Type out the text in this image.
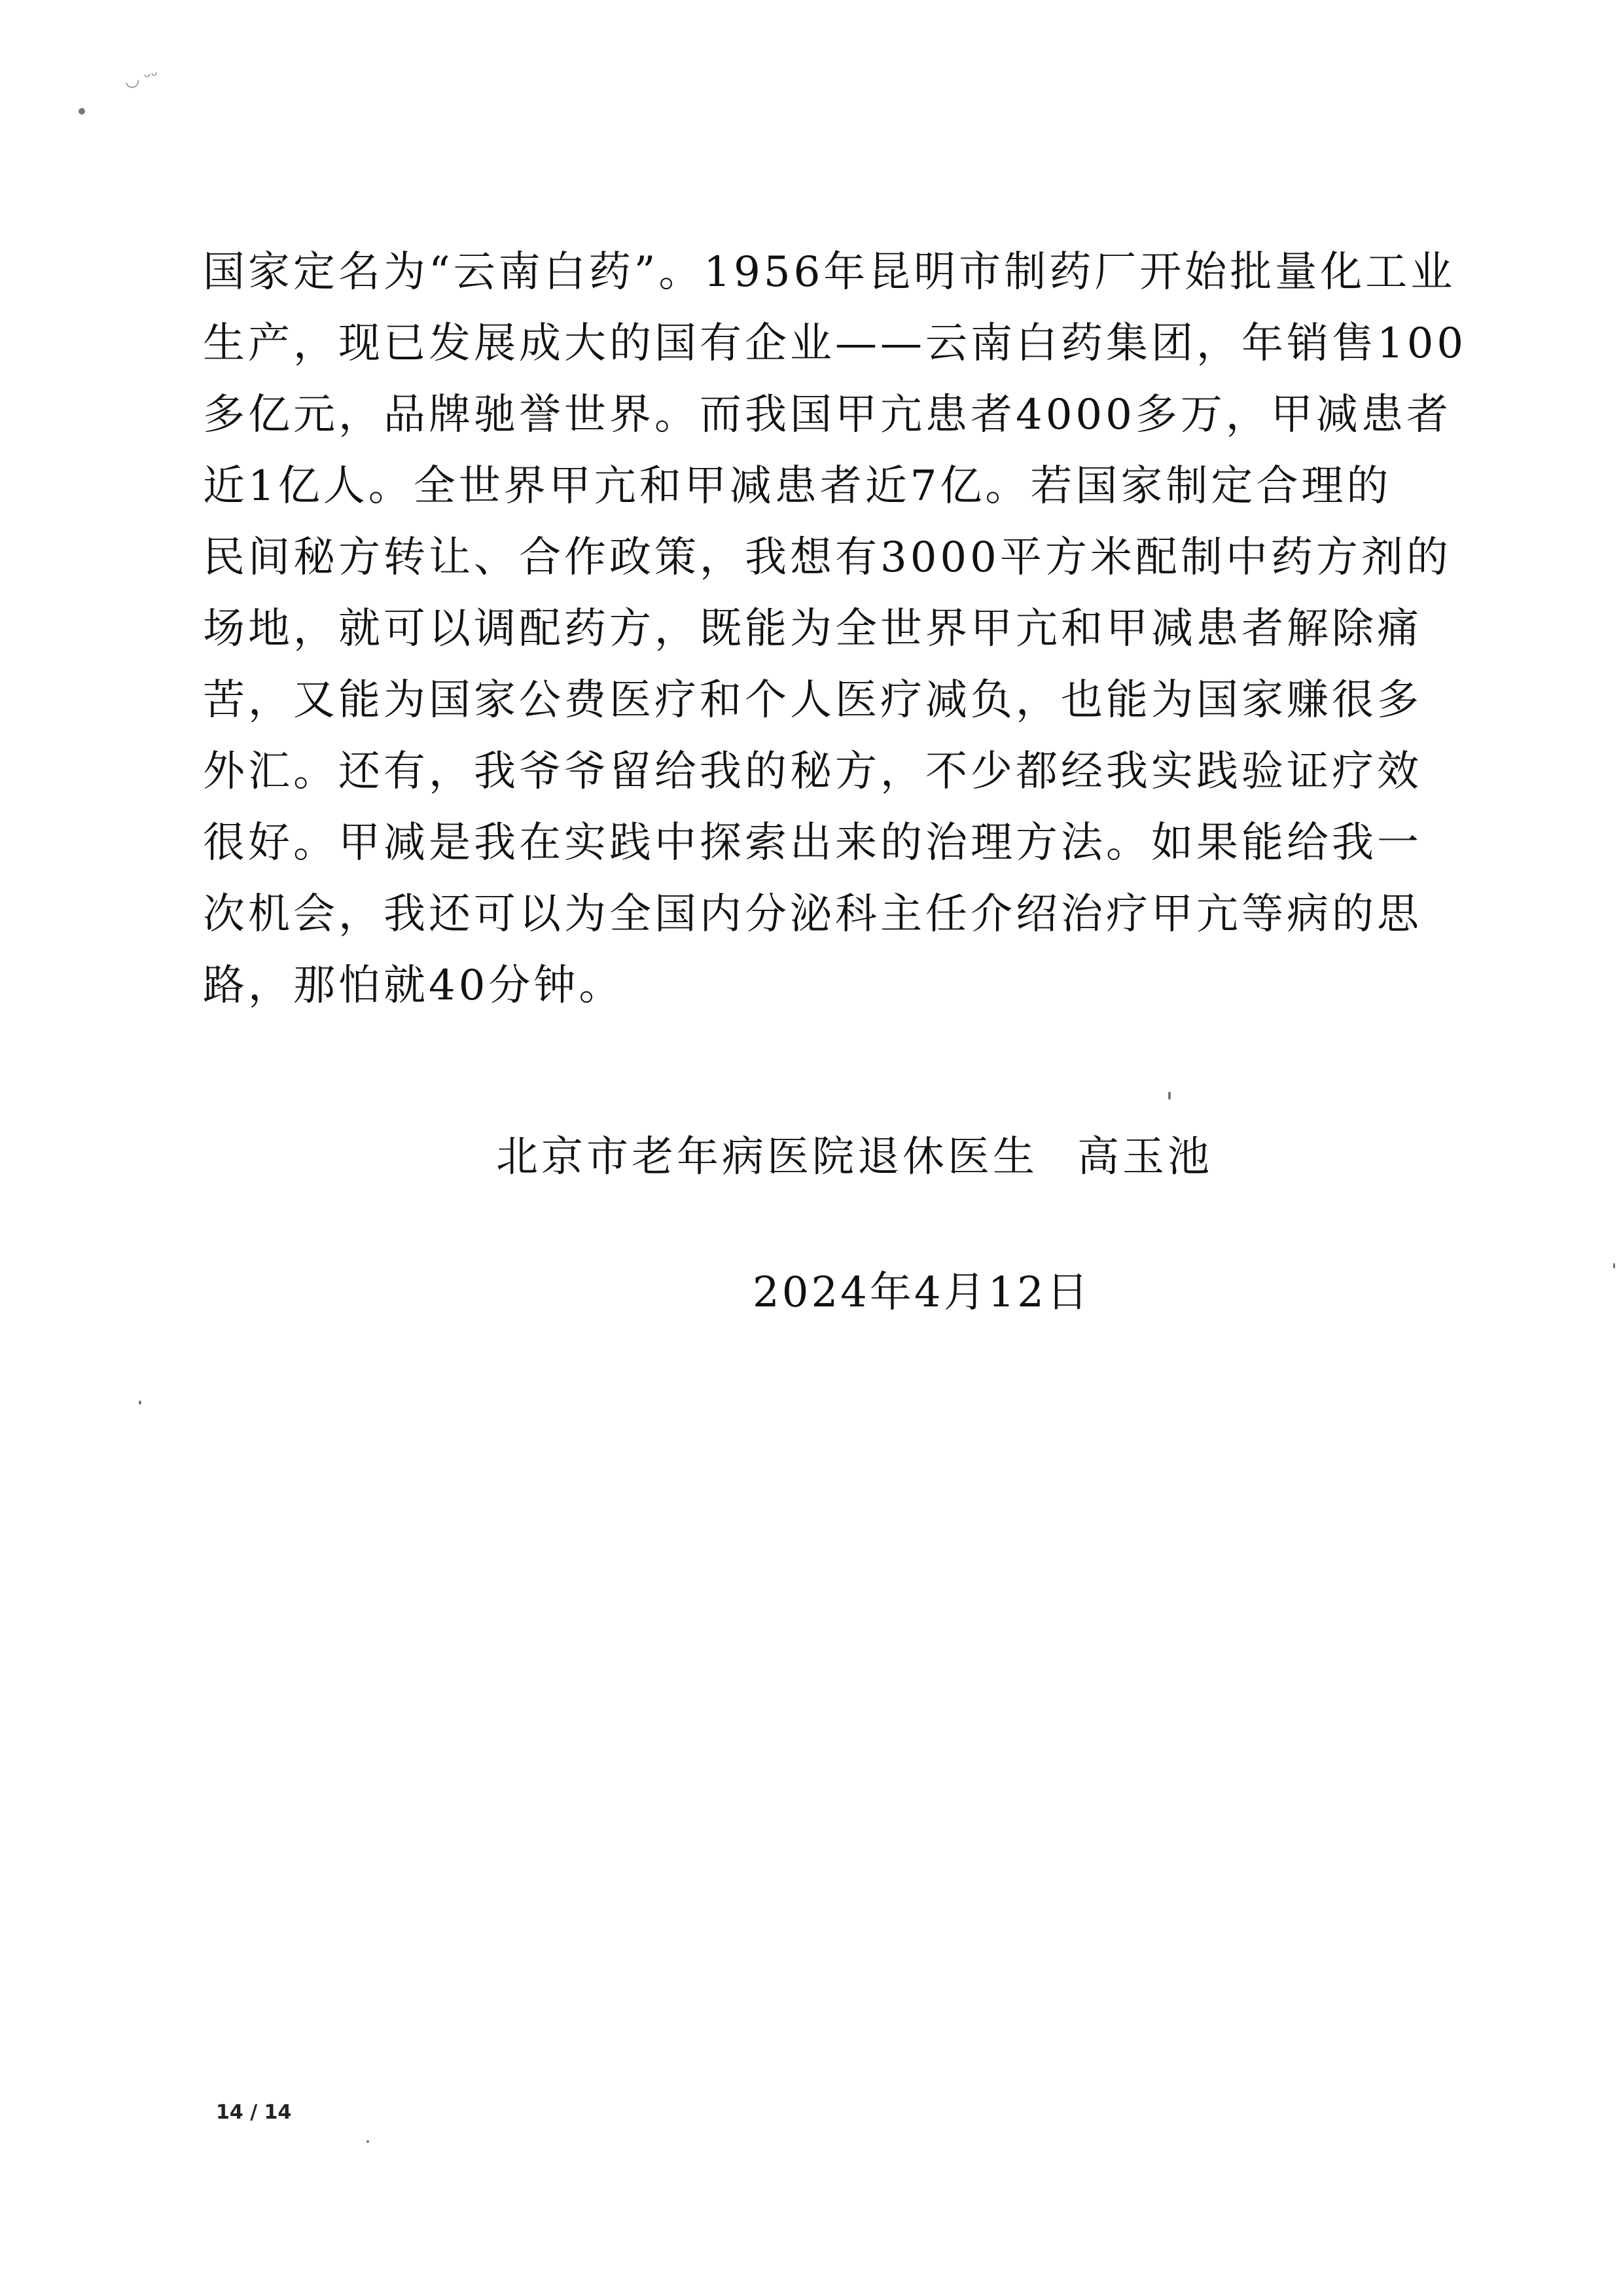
◡ ᵕᵕ
国家定名为“云南白药”。1956年昆明市制药厂开始批量化工业
生产，现已发展成大的国有企业——云南白药集团，年销售100
多亿元，品牌驰誉世界。而我国甲亢患者4000多万，甲减患者
近1亿人。全世界甲亢和甲减患者近7亿。若国家制定合理的
民间秘方转让、合作政策，我想有3000平方米配制中药方剂的
场地，就可以调配药方，既能为全世界甲亢和甲减患者解除痛
苦，又能为国家公费医疗和个人医疗减负，也能为国家赚很多
外汇。还有，我爷爷留给我的秘方，不少都经我实践验证疗效
很好。甲减是我在实践中探索出来的治理方法。如果能给我一
次机会，我还可以为全国内分泌科主任介绍治疗甲亢等病的思
路，那怕就40分钟。
北京市老年病医院退休医生 高玉池
2024年4月12日
14 / 14
